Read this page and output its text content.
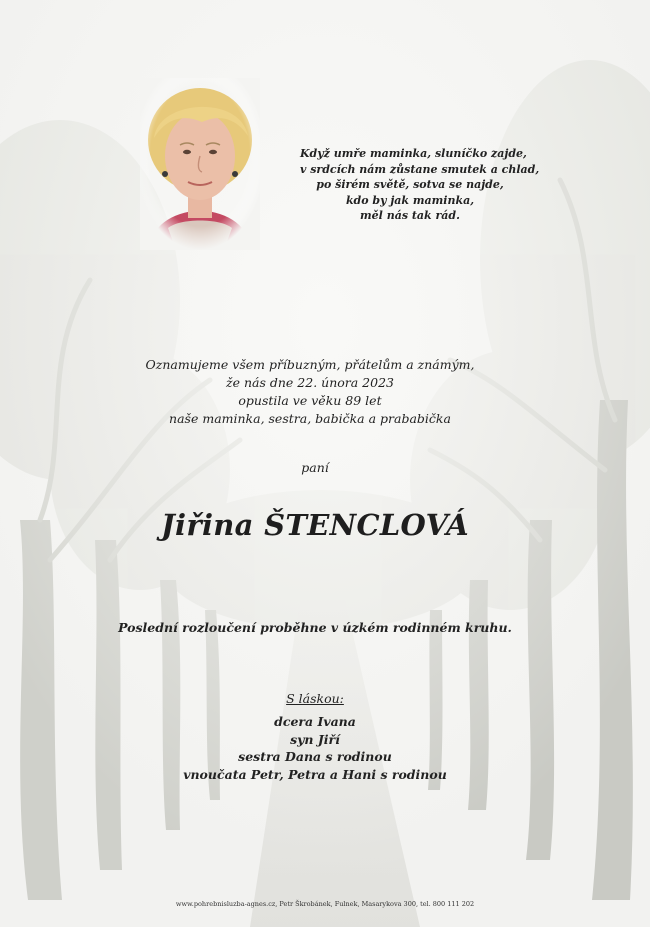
Když umře maminka, sluníčko zajde,
v srdcích nám zůstane smutek a chlad,
po širém světě, sotva se najde,
kdo by jak maminka,
měl nás tak rád.
Oznamujeme všem příbuzným, přátelům a známým,
že nás dne 22. února 2023
opustila ve věku 89 let
naše maminka, sestra, babička a prababička
paní
Jiřina ŠTENCLOVÁ
Poslední rozloučení proběhne v úzkém rodinném kruhu.
S láskou:
dcera Ivana
syn Jiří
sestra Dana s rodinou
vnoučata Petr, Petra a Hani s rodinou
www.pohrebnisluzba-agnes.cz, Petr Škrobánek, Fulnek, Masarykova 300, tel. 800 111 202
